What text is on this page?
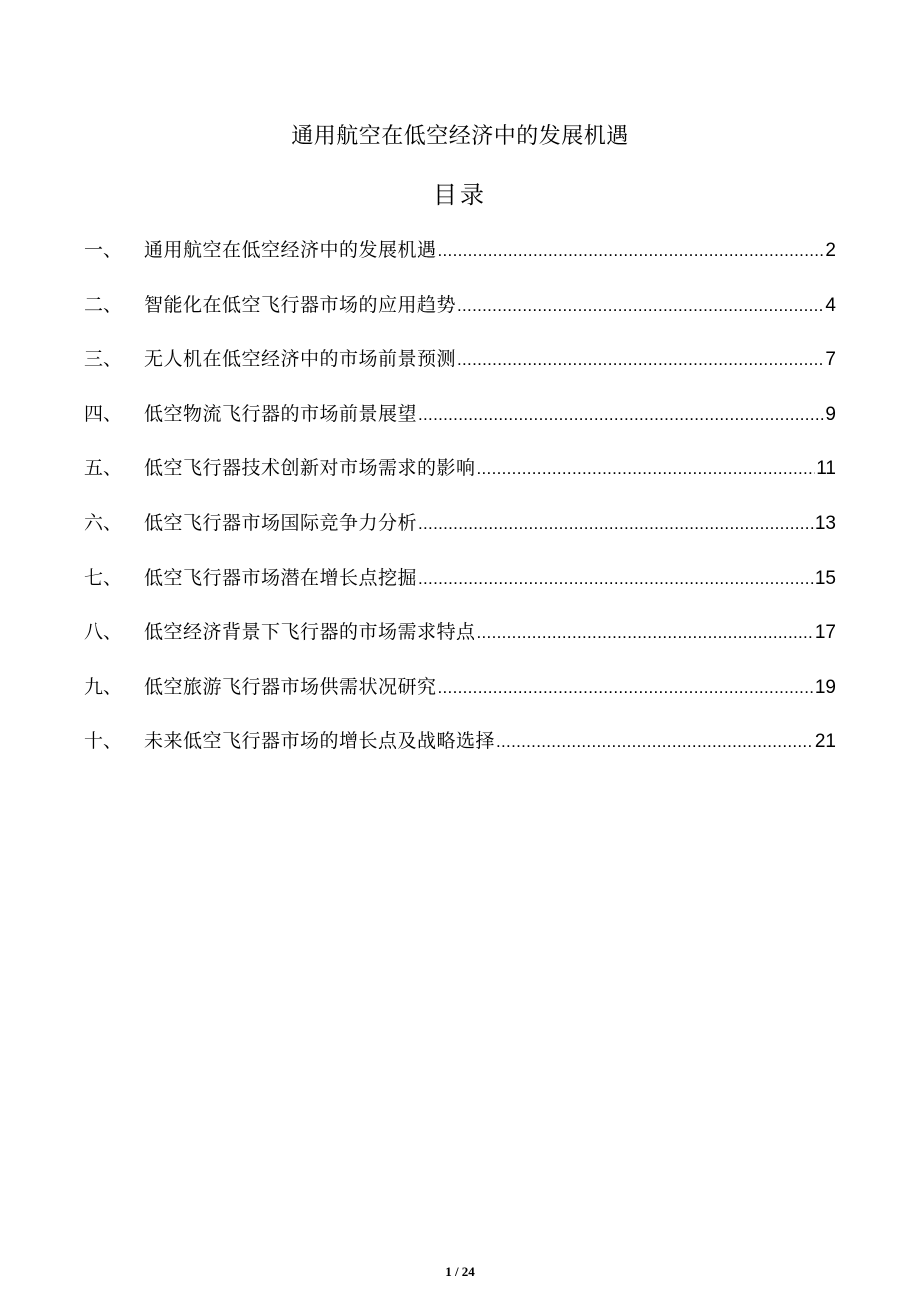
通用航空在低空经济中的发展机遇
目录
一、	通用航空在低空经济中的发展机遇 .....	2
二、	智能化在低空飞行器市场的应用趋势 .....	4
三、	无人机在低空经济中的市场前景预测 .....	7
四、	低空物流飞行器的市场前景展望 .....	9
五、	低空飞行器技术创新对市场需求的影响 .....	11
六、	低空飞行器市场国际竞争力分析 .....	13
七、	低空飞行器市场潜在增长点挖掘 .....	15
八、	低空经济背景下飞行器的市场需求特点 .....	17
九、	低空旅游飞行器市场供需状况研究 .....	19
十、	未来低空飞行器市场的增长点及战略选择 .....	21
1 / 24
